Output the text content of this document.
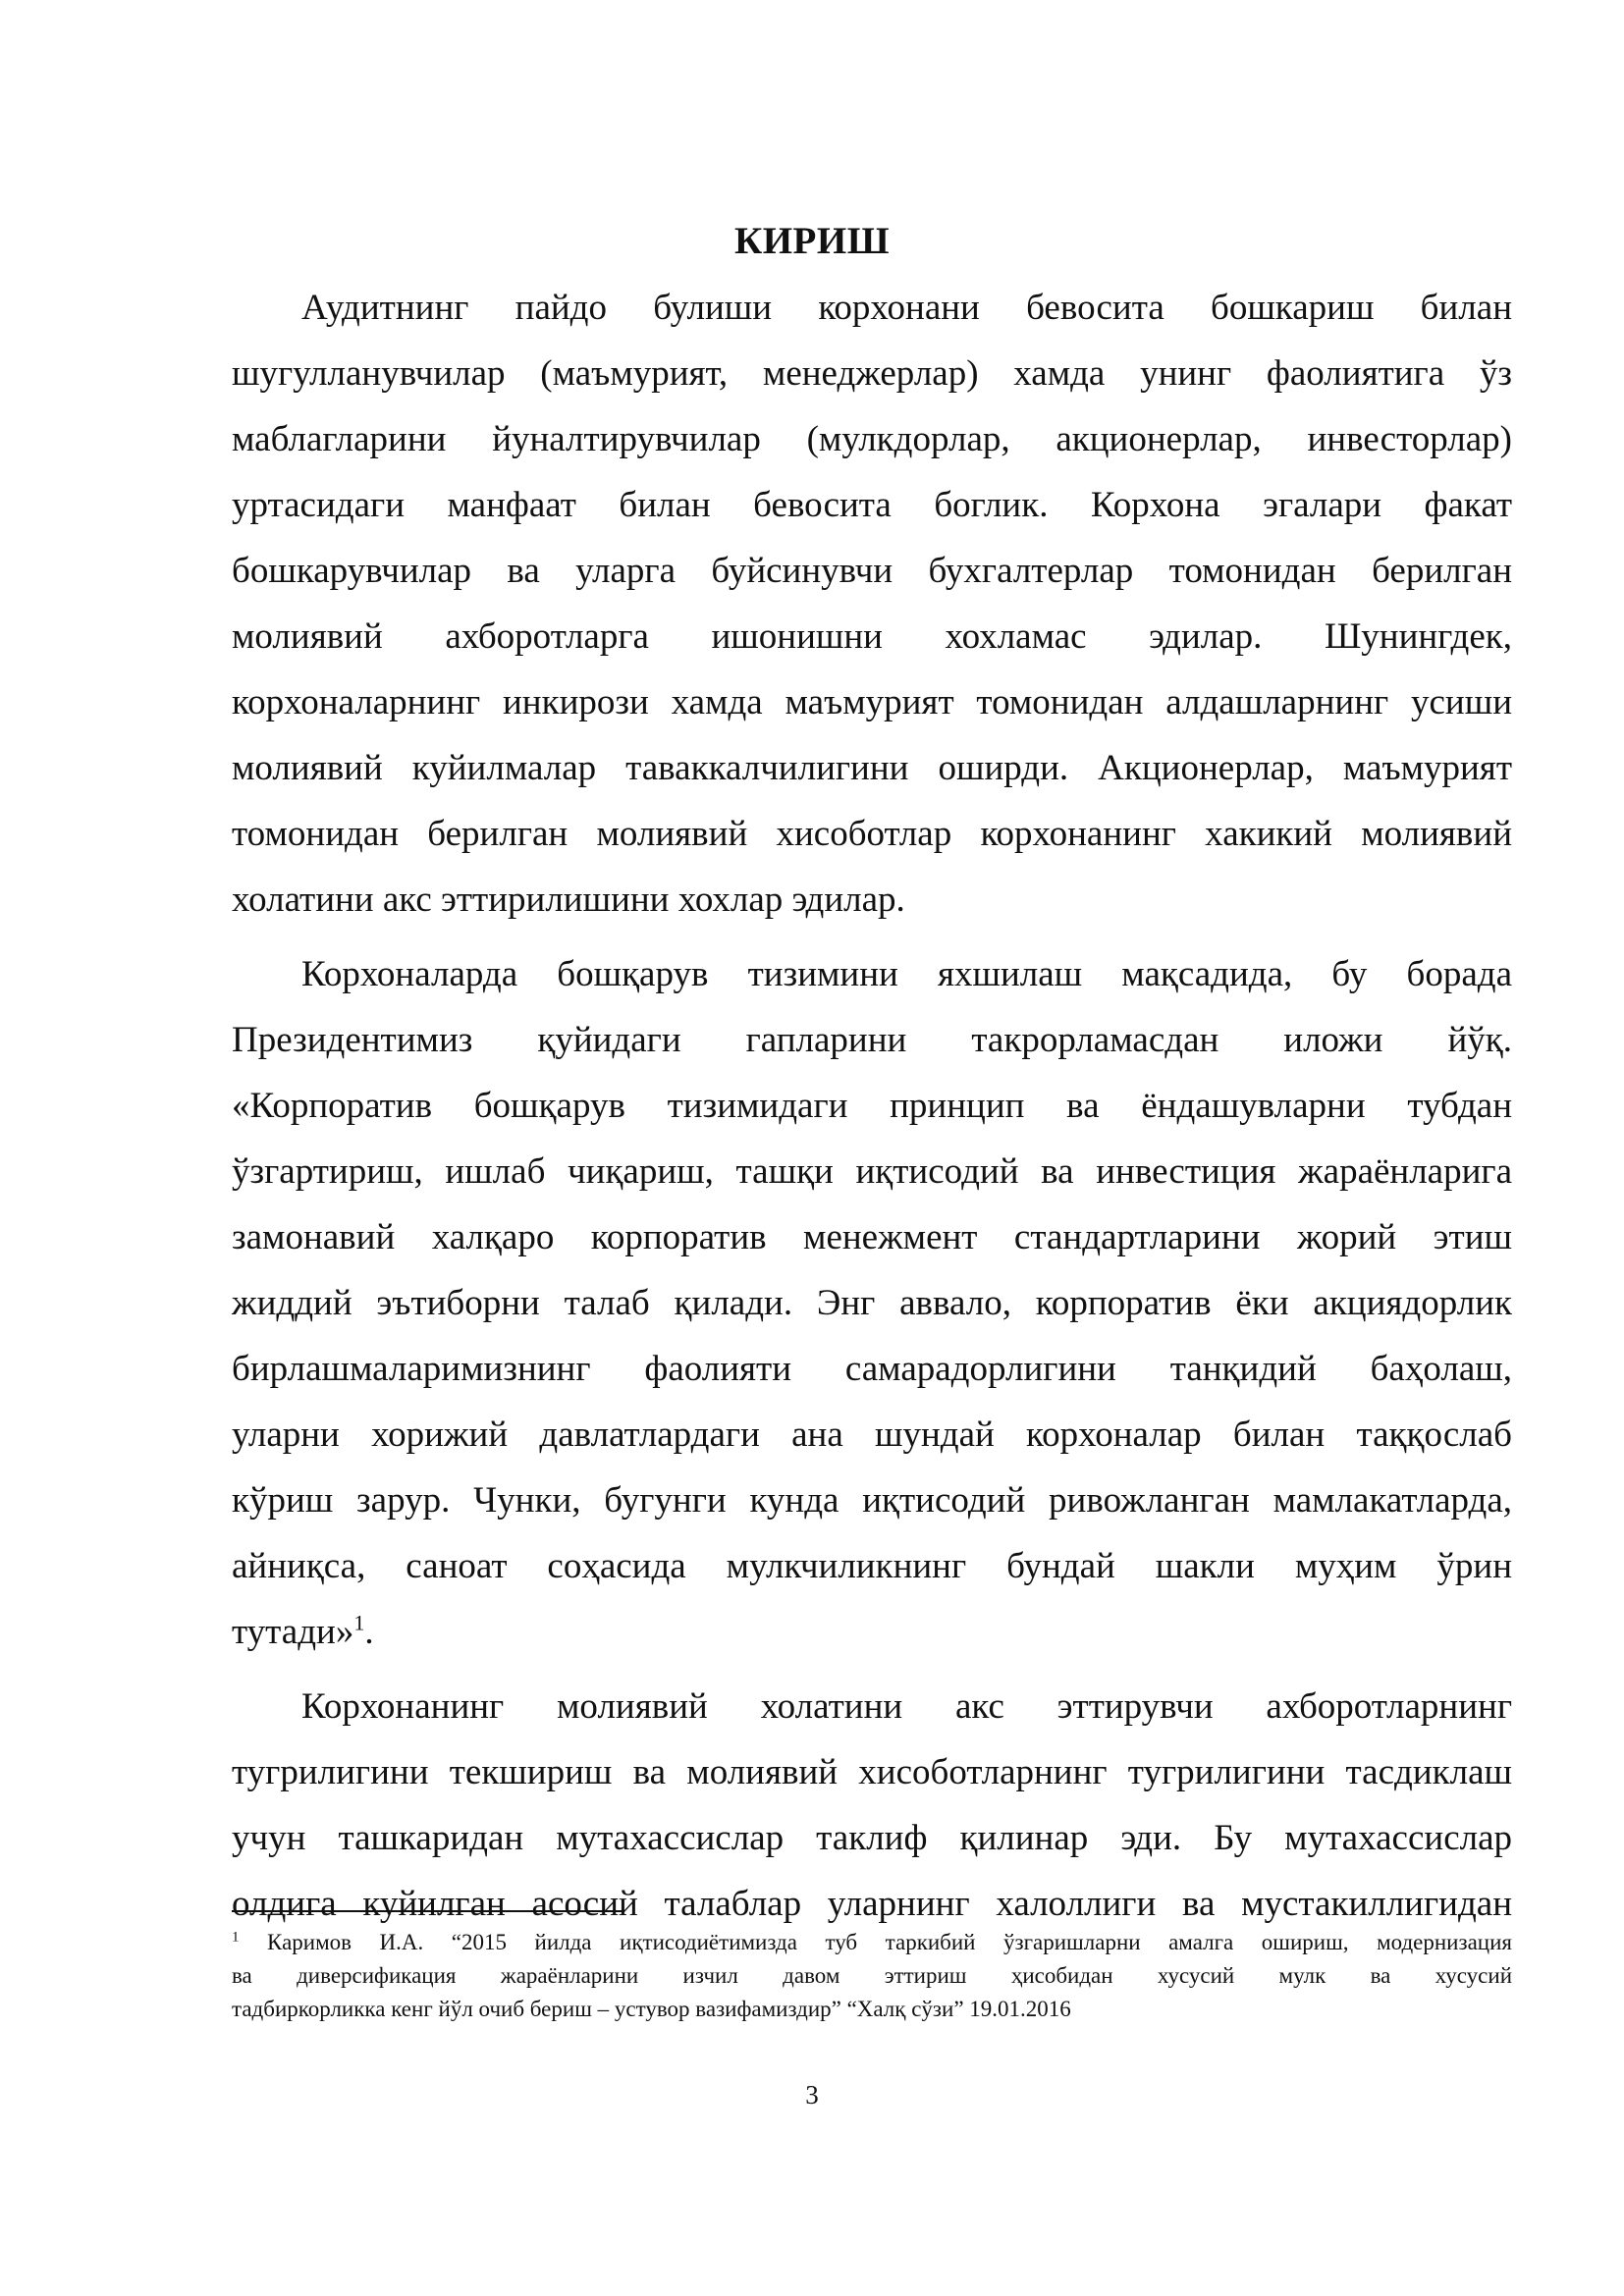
КИРИШ

Аудитнинг пайдо булиши корхонани бевосита бошкариш билан
шугулланувчилар (маъмурият, менеджерлар) хамда унинг фаолиятига ўз
маблагларини йуналтирувчилар (мулкдорлар, акционерлар, инвесторлар)
уртасидаги манфаат билан бевосита боглик. Корхона эгалари факат
бошкарувчилар ва уларга буйсинувчи бухгалтерлар томонидан берилган
молиявий ахборотларга ишонишни хохламас эдилар. Шунингдек,
корхоналарнинг инкирози хамда маъмурият томонидан алдашларнинг усиши
молиявий куйилмалар таваккалчилигини оширди. Акционерлар, маъмурият
томонидан берилган молиявий хисоботлар корхонанинг хакикий молиявий
холатини акс эттирилишини хохлар эдилар.

Корхоналарда бошқарув тизимини яхшилаш мақсадида, бу борада
Президентимиз қуйидаги гапларини такрорламасдан иложи йўқ.
«Корпоратив бошқарув тизимидаги принцип ва ёндашувларни тубдан
ўзгартириш, ишлаб чиқариш, ташқи иқтисодий ва инвестиция жараёнларига
замонавий халқаро корпоратив менежмент стандартларини жорий этиш
жиддий эътиборни талаб қилади. Энг аввало, корпоратив ёки акциядорлик
бирлашмаларимизнинг фаолияти самарадорлигини танқидий баҳолаш,
уларни хорижий давлатлардаги ана шундай корхоналар билан таққослаб
кўриш зарур. Чунки, бугунги кунда иқтисодий ривожланган мамлакатларда,
айниқса, саноат соҳасида мулкчиликнинг бундай шакли муҳим ўрин
тутади»$^1$.

Корхонанинг молиявий холатини акс эттирувчи ахборотларнинг
тугрилигини текшириш ва молиявий хисоботларнинг тугрилигини тасдиклаш
учун ташкаридан мутахассислар таклиф қилинар эди. Бу мутахассислар
олдига куйилган асосий талаблар уларнинг халоллиги ва мустакиллигидан

$^1$ Каримов И.А. “2015 йилда иқтисодиётимизда туб таркибий ўзгаришларни амалга ошириш, модернизация
ва диверсификация жараёнларини изчил давом эттириш ҳисобидан хусусий мулк ва хусусий
тадбиркорликка кенг йўл очиб бериш – устувор вазифамиздир” “Халқ сўзи” 19.01.2016
3
